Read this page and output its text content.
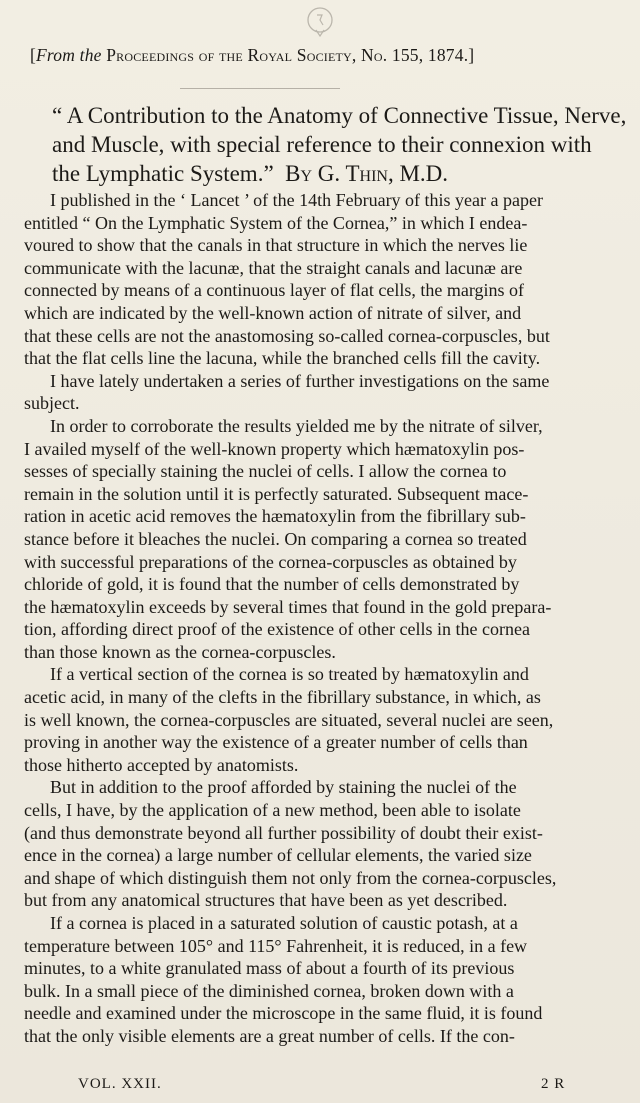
[From the Proceedings of the Royal Society, No. 155, 1874.]

“ A Contribution to the Anatomy of Connective Tissue, Nerve,

and Muscle, with special reference to their connexion with

the Lymphatic System.” By G. Thin, M.D.

I published in the ‘ Lancet ’ of the 14th February of this year a paper

entitled “ On the Lymphatic System of the Cornea,” in which I endea-

voured to show that the canals in that structure in which the nerves lie

communicate with the lacunæ, that the straight canals and lacunæ are

connected by means of a continuous layer of flat cells, the margins of

which are indicated by the well-known action of nitrate of silver, and

that these cells are not the anastomosing so-called cornea-corpuscles, but

that the flat cells line the lacuna, while the branched cells fill the cavity.

I have lately undertaken a series of further investigations on the same

subject.

In order to corroborate the results yielded me by the nitrate of silver,

I availed myself of the well-known property which hæmatoxylin pos-

sesses of specially staining the nuclei of cells. I allow the cornea to

remain in the solution until it is perfectly saturated. Subsequent mace-

ration in acetic acid removes the hæmatoxylin from the fibrillary sub-

stance before it bleaches the nuclei. On comparing a cornea so treated

with successful preparations of the cornea-corpuscles as obtained by

chloride of gold, it is found that the number of cells demonstrated by

the hæmatoxylin exceeds by several times that found in the gold prepara-

tion, affording direct proof of the existence of other cells in the cornea

than those known as the cornea-corpuscles.

If a vertical section of the cornea is so treated by hæmatoxylin and

acetic acid, in many of the clefts in the fibrillary substance, in which, as

is well known, the cornea-corpuscles are situated, several nuclei are seen,

proving in another way the existence of a greater number of cells than

those hitherto accepted by anatomists.

But in addition to the proof afforded by staining the nuclei of the

cells, I have, by the application of a new method, been able to isolate

(and thus demonstrate beyond all further possibility of doubt their exist-

ence in the cornea) a large number of cellular elements, the varied size

and shape of which distinguish them not only from the cornea-corpuscles,

but from any anatomical structures that have been as yet described.

If a cornea is placed in a saturated solution of caustic potash, at a

temperature between 105° and 115° Fahrenheit, it is reduced, in a few

minutes, to a white granulated mass of about a fourth of its previous

bulk. In a small piece of the diminished cornea, broken down with a

needle and examined under the microscope in the same fluid, it is found

that the only visible elements are a great number of cells. If the con-

VOL. XXII.	2 R
